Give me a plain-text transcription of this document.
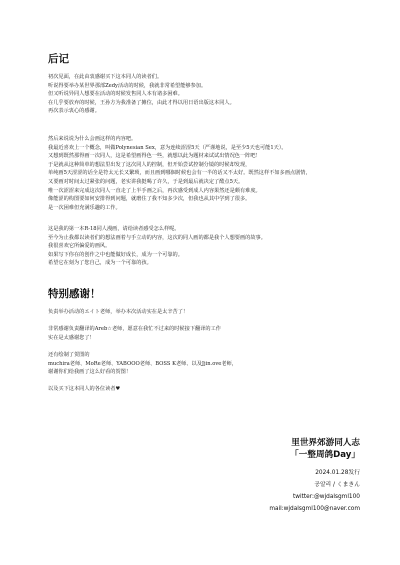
后记
初次见面，在此由衷感谢买下这本同人的读者们。
听说得要举办某世界那部Zedy活动的时候，我就非常希望能够参加。
但又听说异同人想要在活动的时候发售同人本有诸多困难。
在几乎要放弃的时候，王孙方为我准备了摊位，由此才得以用日语出版这本同人。
再次表示衷心的感谢。
然后来说说为什么会画这样的内容吧。
我最近喜欢上一个概念，叫做Polynesian Sex，意为连续涩涩5天（严谨地说，是至少5天也可能1天）。
又想到既然那得画一次同人，这是希望画得色一些，就想以此为题材来试试出情况色一阵吧！
于是就从这种简单的想法里出发了这次同人的控制，但开始尝试控制分镜的时候却发现，
单纯画5天涩涩的话全是符太元长又繁琐，而且画到哪個时候也会有一半的话又不太好。既然这样不如多画点剧情，
又要画对时间太过紧张的问题，老实讲我挺喝了许久，于是到最后就决定了酷点5天。
唯一次涩涩来完成这次同人一直走了上半手画之后，再次感受到成人内容果然还是颇有难度。
像能涩的构图要如何安排得到问题，就磨住了我不知多少次，但我也从其中学到了很多。
是一次困难但充满乐趣的工作。
这是我的第一本R-18同人漫画，请给读者感受怎么样呢。
至今为止我都以读者们的想法画着与手立动的内容，这次的同人画的都是我个人想要画的故事。
我很喜欢它所偏爱的画风。
如果写下你在的创作之中也能做好成长，成为一个可靠的。
希望它在刻为了您自己，成为一个可靠的孩。
特别感谢！
负责举办活动的エイト老师，举办本次活动实在是太辛苦了！
非常感谢负责翻译的Areb☆老师，愿意在我忙不过来的时候接下翻译的工作
实在是太感谢您了！
还有绘制了贺图的
muchira老师、MoRe老师、YABOOO老师、BOSS K老师、以及Jjin.ove老师，
谢谢你们给我画了这么好看的贺图！
以及买下这本同人的各位读者♥
里世界郊游同人志
「一整周鸽Day」
2024.01.28发行
공알리 / くまきん
twitter:@wjdalsgml100
mail:wjdalsgml100@naver.com
